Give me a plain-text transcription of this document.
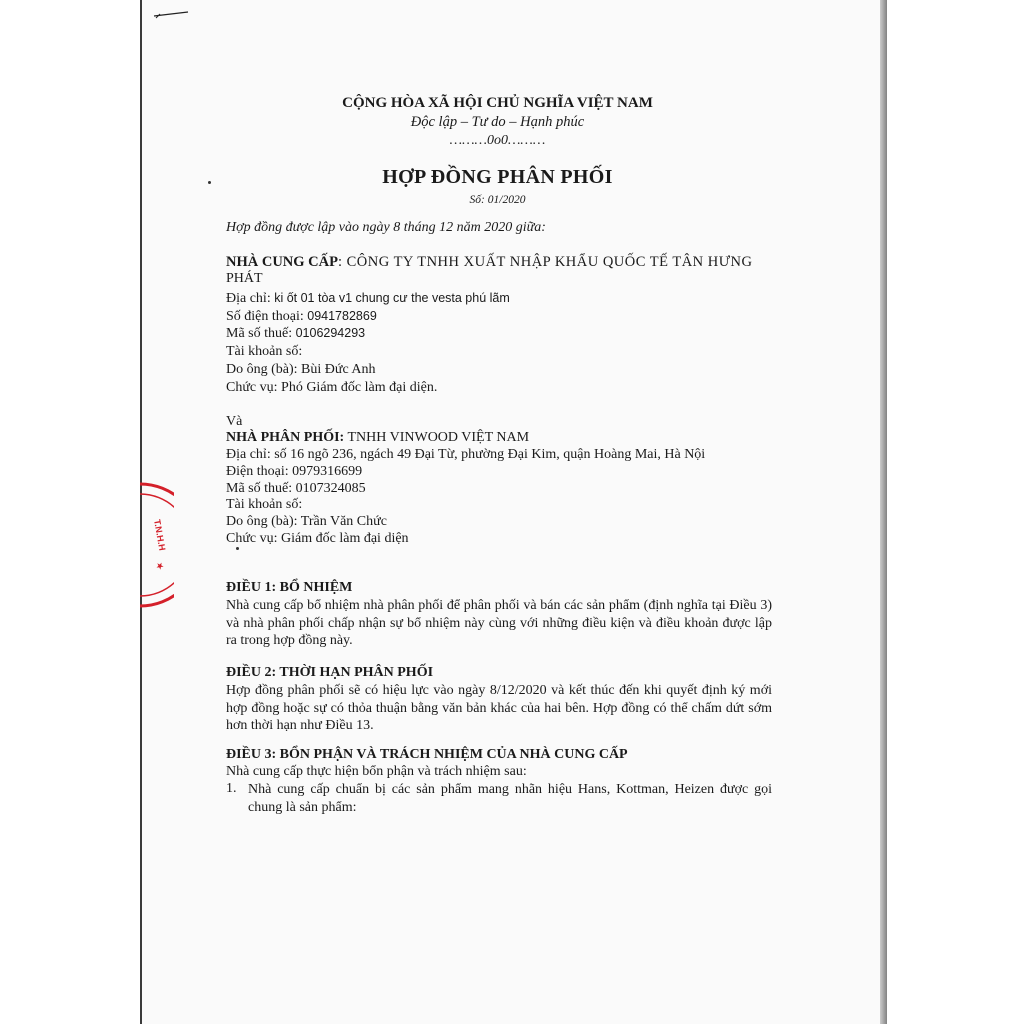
T.N.H.H
★
CỘNG HÒA XÃ HỘI CHỦ NGHĨA VIỆT NAM
Độc lập – Tư do – Hạnh phúc
………0o0………
HỢP ĐỒNG PHÂN PHỐI
Số: 01/2020
Hợp đồng được lập vào ngày 8 tháng 12 năm 2020 giữa:
NHÀ CUNG CẤP: CÔNG TY TNHH XUẤT NHẬP KHẨU QUỐC TẾ TÂN HƯNG
PHÁT
Địa chỉ: ki ốt 01 tòa v1 chung cư the vesta phú lãm
Số điện thoại: 0941782869
Mã số thuế: 0106294293
Tài khoản số:
Do ông (bà): Bùi Đức Anh
Chức vụ: Phó Giám đốc làm đại diện.
Và
NHÀ PHÂN PHỐI: TNHH VINWOOD VIỆT NAM
Địa chỉ: số 16 ngõ 236, ngách 49 Đại Từ, phường Đại Kim, quận Hoàng Mai, Hà Nội
Điện thoại: 0979316699
Mã số thuế: 0107324085
Tài khoản số:
Do ông (bà): Trần Văn Chức
Chức vụ: Giám đốc làm đại diện
ĐIỀU 1: BỔ NHIỆM
Nhà cung cấp bổ nhiệm nhà phân phối để phân phối và bán các sản phẩm (định nghĩa tại Điều 3) và nhà phân phối chấp nhận sự bổ nhiệm này cùng với những điều kiện và điều khoản được lập ra trong hợp đồng này.
ĐIỀU 2: THỜI HẠN PHÂN PHỐI
Hợp đồng phân phối sẽ có hiệu lực vào ngày 8/12/2020 và kết thúc đến khi quyết định ký mới hợp đồng hoặc sự có thỏa thuận bằng văn bản khác của hai bên. Hợp đồng có thể chấm dứt sớm hơn thời hạn như Điều 13.
ĐIỀU 3: BỔN PHẬN VÀ TRÁCH NHIỆM CỦA NHÀ CUNG CẤP
Nhà cung cấp thực hiện bổn phận và trách nhiệm sau:
1. Nhà cung cấp chuẩn bị các sản phẩm mang nhãn hiệu Hans, Kottman, Heizen được gọi chung là sản phẩm:
